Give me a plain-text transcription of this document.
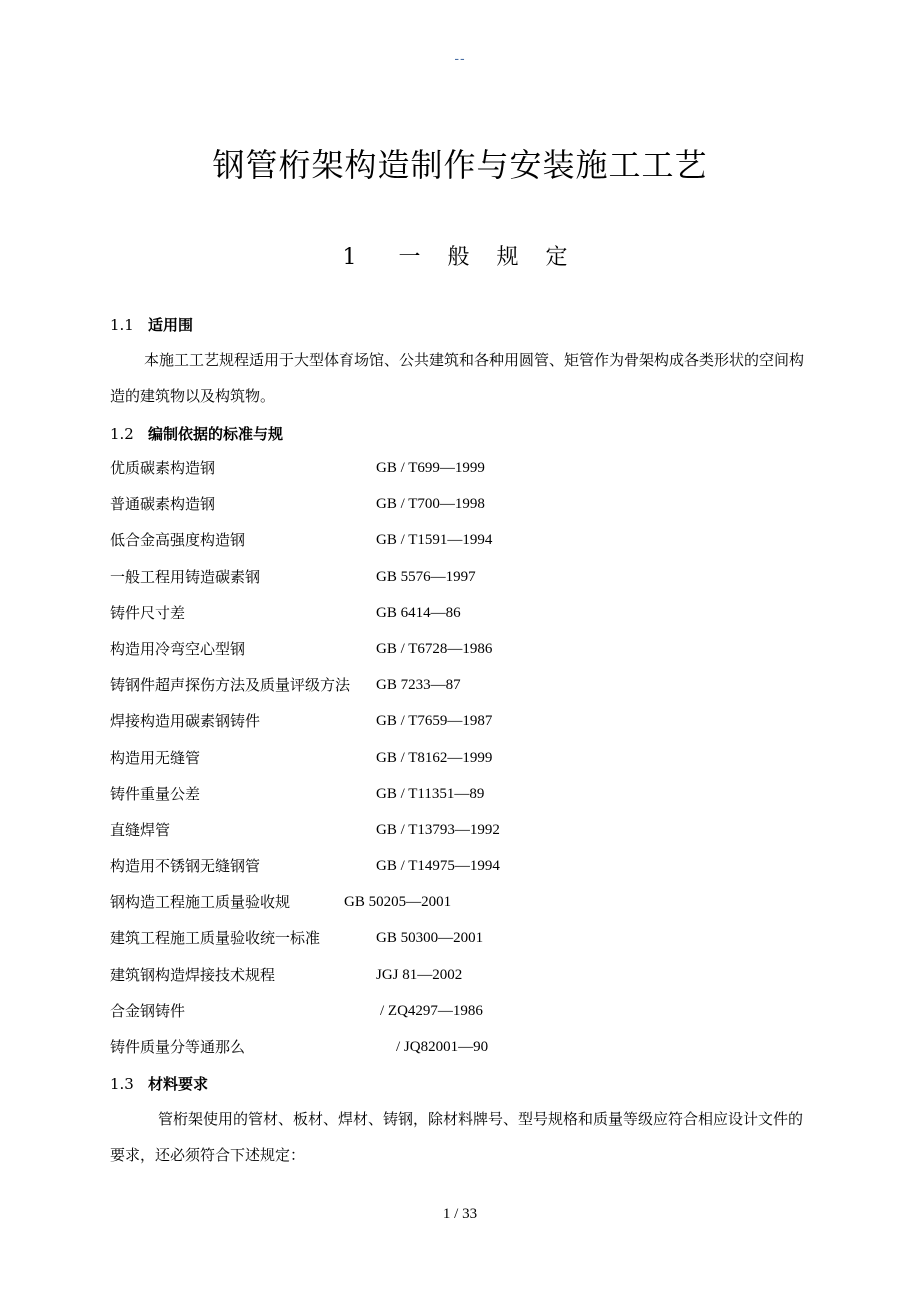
--
钢管桁架构造制作与安装施工工艺
1　一 般 规 定
1.1 适用围
本施工工艺规程适用于大型体育场馆、公共建筑和各种用圆管、矩管作为骨架构成各类形状的空间构
造的建筑物以及构筑物。
1.2 编制依据的标准与规
优质碳素构造钢	GB / T699—1999
普通碳素构造钢	GB / T700—1998
低合金高强度构造钢	GB / T1591—1994
一般工程用铸造碳素钢	GB 5576—1997
铸件尺寸差	GB 6414—86
构造用冷弯空心型钢	GB / T6728—1986
铸钢件超声探伤方法及质量评级方法 GB 7233—87
焊接构造用碳素钢铸件	GB / T7659—1987
构造用无缝管	GB / T8162—1999
铸件重量公差	GB / T11351—89
直缝焊管	GB / T13793—1992
构造用不锈钢无缝钢管	GB / T14975—1994
钢构造工程施工质量验收规	GB 50205—2001
建筑工程施工质量验收统一标准	GB 50300—2001
建筑钢构造焊接技术规程	JGJ 81—2002
合金钢铸件	/ ZQ4297—1986
铸件质量分等通那么	/ JQ82001—90
1.3 材料要求
管桁架使用的管材、板材、焊材、铸钢，除材料牌号、型号规格和质量等级应符合相应设计文件的
要求，还必须符合下述规定：
1 / 33
